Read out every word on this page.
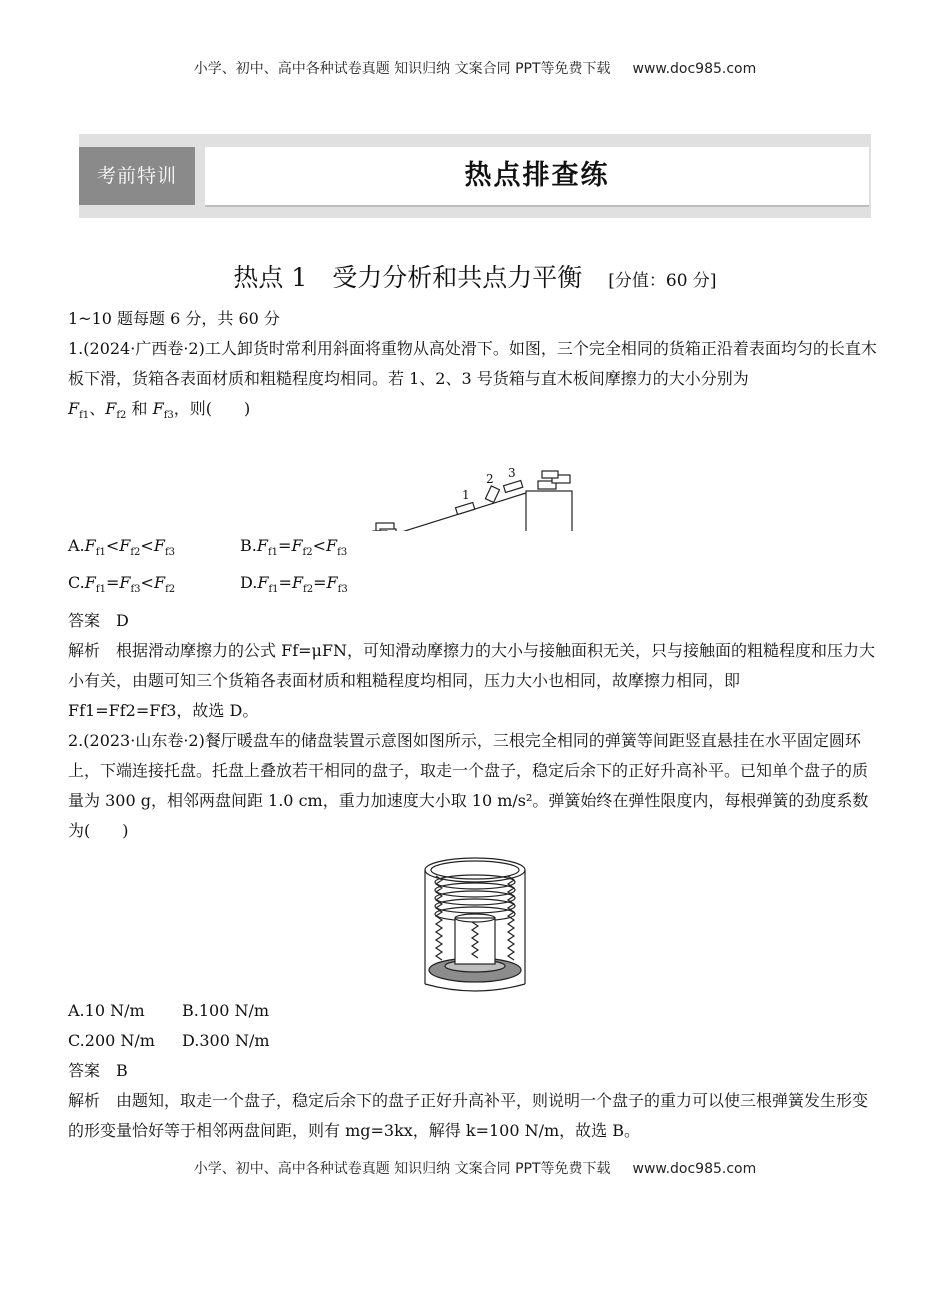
小学、初中、高中各种试卷真题 知识归纳 文案合同 PPT等免费下载 www.doc985.com
考前特训	热点排查练
热点 1　受力分析和共点力平衡 [分值：60 分]

1~10 题每题 6 分，共 60 分

1.(2024·广西卷·2)工人卸货时常利用斜面将重物从高处滑下。如图，三个完全相同的货箱正沿着表面均匀的长直木板下滑，货箱各表面材质和粗糙程度均相同。若 1、2、3 号货箱与直木板间摩擦力的大小分别为
$F_{f1}$、$F_{f2}$ 和 $F_{f3}$，则(　　)

1
2 3
$A.F_{f1}<F_{f2}<F_{f3}$	$B.F_{f1}=F_{f2}<F_{f3}$
$C.F_{f1}=F_{f3}<F_{f2}$	$D.F_{f1}=F_{f2}=F_{f3}$

答案 D

解析 根据滑动摩擦力的公式 Ff=μFN，可知滑动摩擦力的大小与接触面积无关，只与接触面的粗糙程度和压力大小有关，由题可知三个货箱各表面材质和粗糙程度均相同，压力大小也相同，故摩擦力相同，即
Ff1=Ff2=Ff3，故选 D。

2.(2023·山东卷·2)餐厅暖盘车的储盘装置示意图如图所示，三根完全相同的弹簧等间距竖直悬挂在水平固定圆环上，下端连接托盘。托盘上叠放若干相同的盘子，取走一个盘子，稳定后余下的正好升高补平。已知单个盘子的质量为 300 g，相邻两盘间距 1.0 cm，重力加速度大小取 10 m/s²。弹簧始终在弹性限度内，每根弹簧的劲度系数为(　　)

A.10 N/m	B.100 N/m
C.200 N/m	D.300 N/m

答案 B

解析 由题知，取走一个盘子，稳定后余下的盘子正好升高补平，则说明一个盘子的重力可以使三根弹簧发生形变的形变量恰好等于相邻两盘间距，则有 mg=3kx，解得 k=100 N/m，故选 B。

小学、初中、高中各种试卷真题 知识归纳 文案合同 PPT等免费下载 www.doc985.com
